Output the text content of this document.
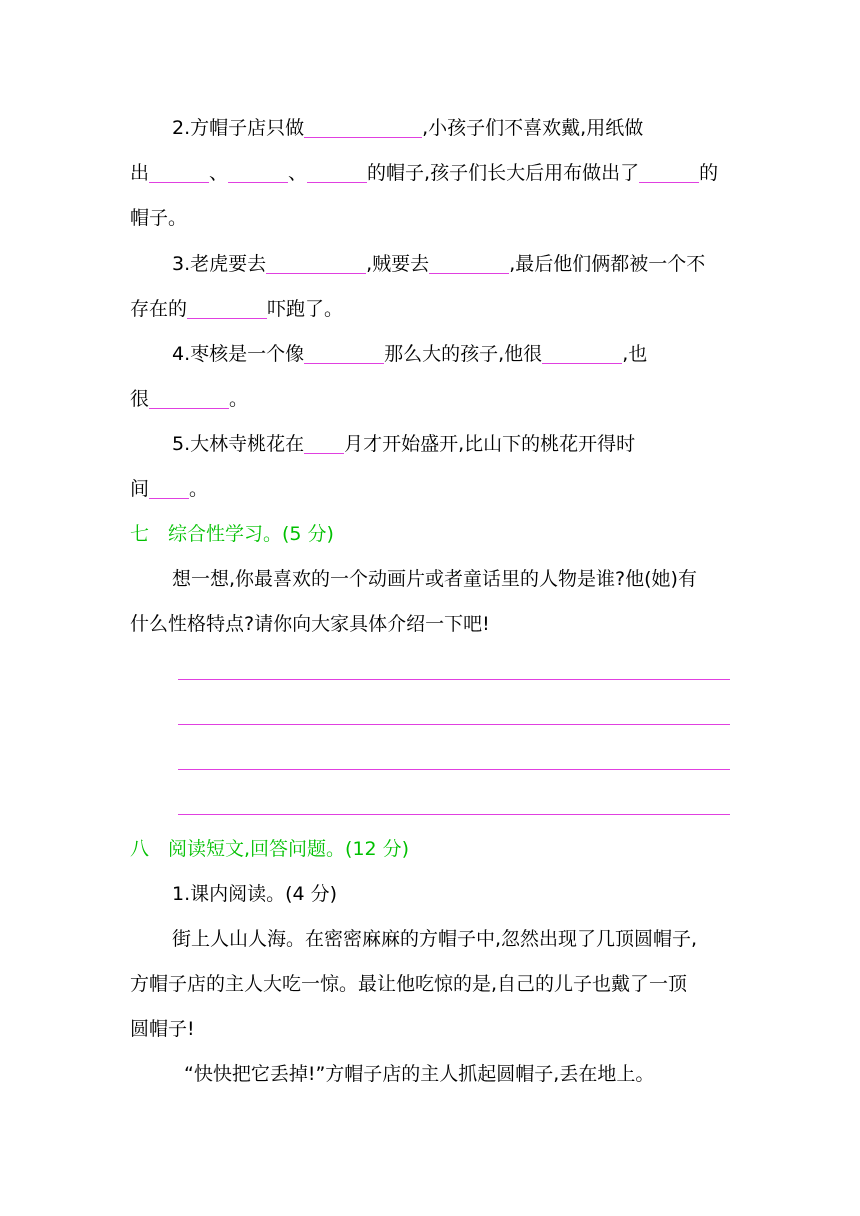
2.方帽子店只做	,小孩子们不喜欢戴,用纸做
出	、	、	的帽子,孩子们长大后用布做出了	的
帽子。
3.老虎要去	,贼要去	,最后他们俩都被一个不
存在的	吓跑了。
4.枣核是一个像	那么大的孩子,他很	,也
很	。
5.大林寺桃花在 月才开始盛开,比山下的桃花开得时
间 。
七　综合性学习。(5 分)
想一想,你最喜欢的一个动画片或者童话里的人物是谁?他(她)有
什么性格特点?请你向大家具体介绍一下吧!
八　阅读短文,回答问题。(12 分)
1.课内阅读。(4 分)
街上人山人海。在密密麻麻的方帽子中,忽然出现了几顶圆帽子,
方帽子店的主人大吃一惊。最让他吃惊的是,自己的儿子也戴了一顶
圆帽子!
“快快把它丢掉!”方帽子店的主人抓起圆帽子,丢在地上。
